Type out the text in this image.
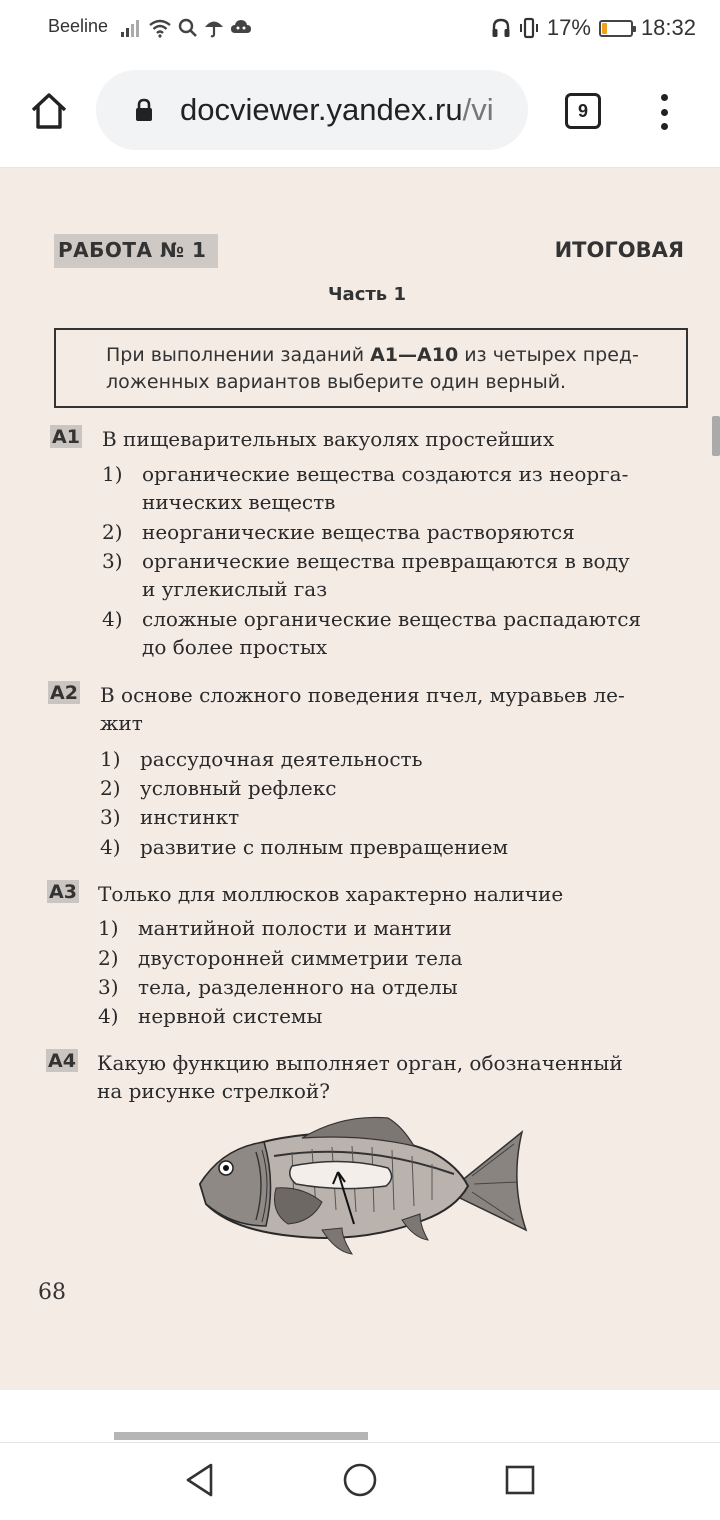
Beeline	17% 18:32
docviewer.yandex.ru/vi	9
РАБОТА № 1	ИТОГОВАЯ
Часть 1
При выполнении заданий А1—А10 из четырех пред-
ложенных вариантов выберите один верный.
А1 В пищеварительных вакуолях простейших
1) органические вещества создаются из неорга-
нических веществ
2) неорганические вещества растворяются
3) органические вещества превращаются в воду
и углекислый газ
4) сложные органические вещества распадаются
до более простых
А2 В основе сложного поведения пчел, муравьев ле-
жит
1) рассудочная деятельность
2) условный рефлекс
3) инстинкт
4) развитие с полным превращением
А3 Только для моллюсков характерно наличие
1) мантийной полости и мантии
2) двусторонней симметрии тела
3) тела, разделенного на отделы
4) нервной системы
А4 Какую функцию выполняет орган, обозначенный
на рисунке стрелкой?
68
